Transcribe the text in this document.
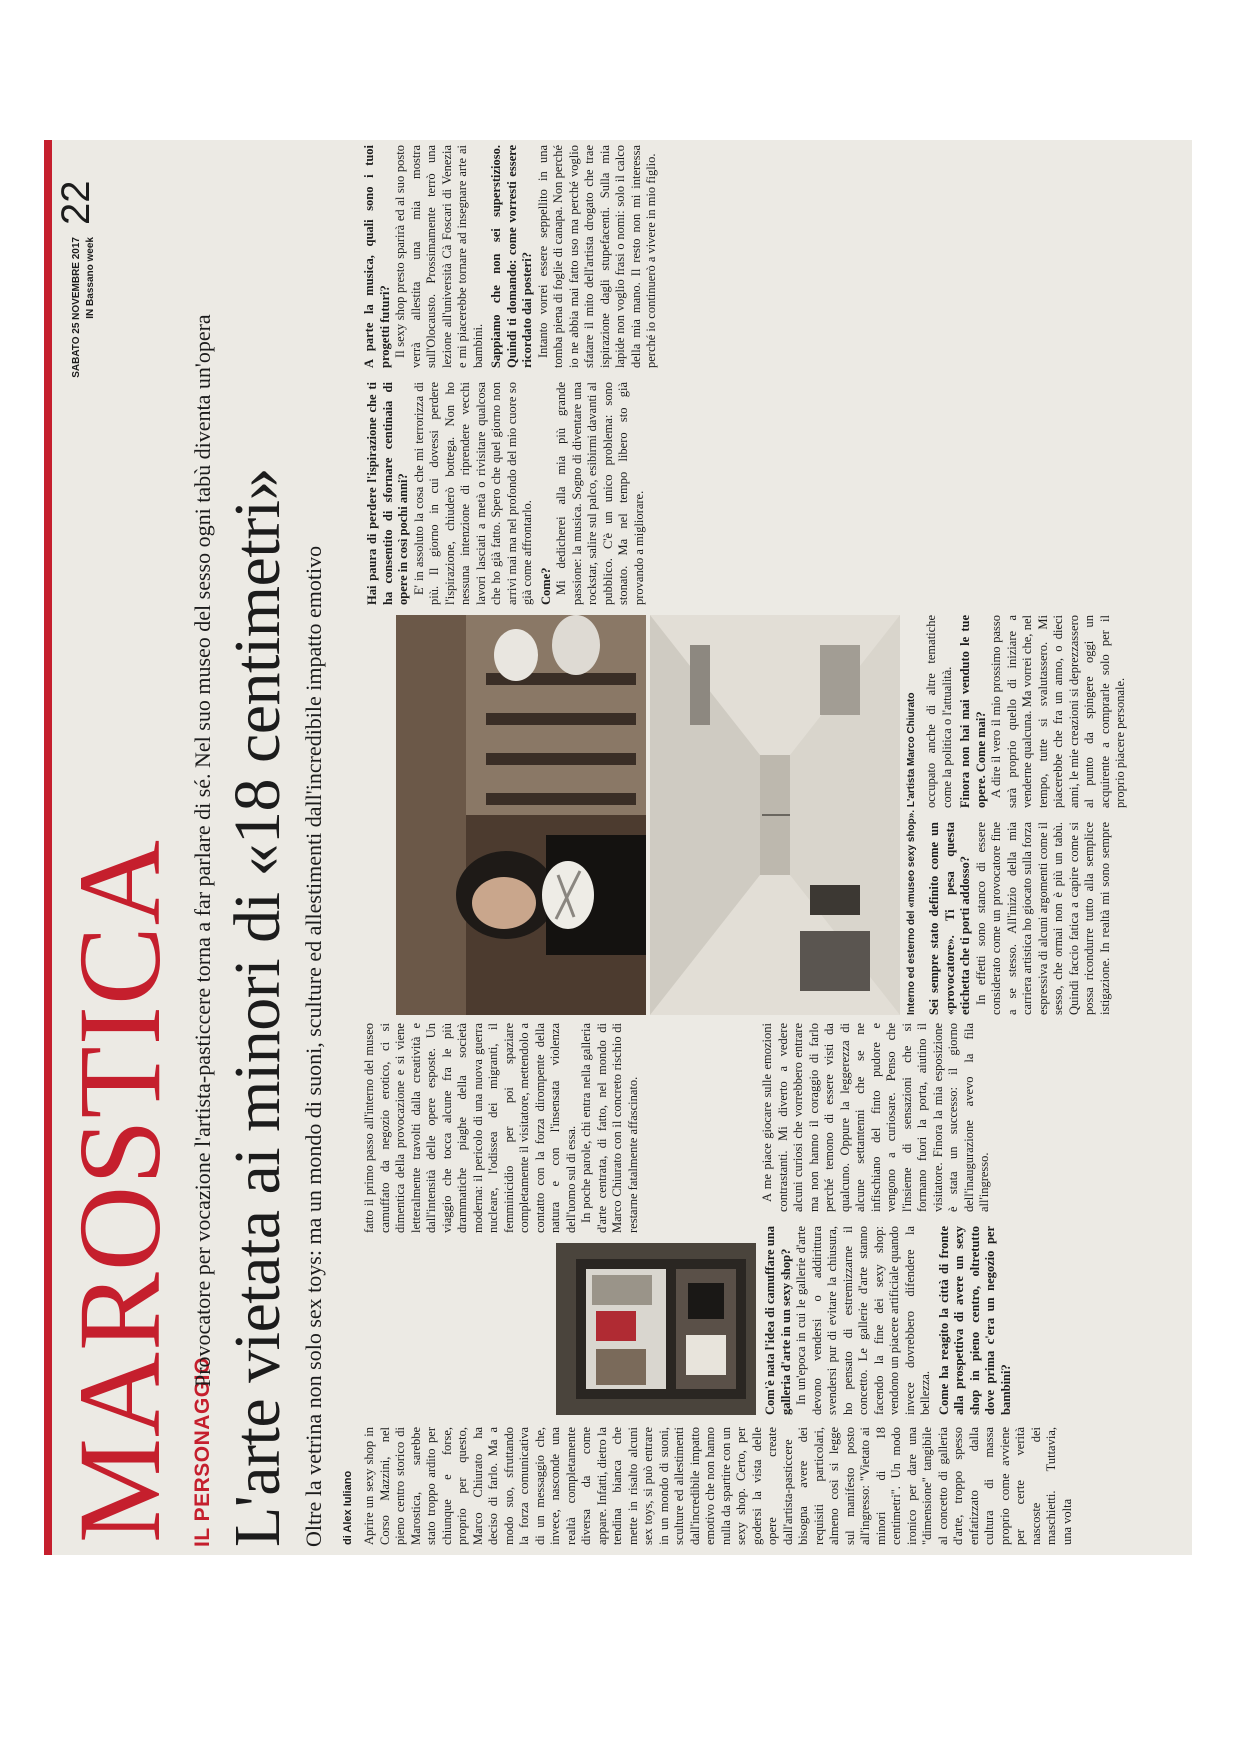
MAROSTICA
SABATO 25 NOVEMBRE 2017 IN Bassano week
22
IL PERSONAGGIO
Provocatore per vocazione l'artista-pasticcere torna a far parlare di sé. Nel suo museo del sesso ogni tabù diventa un'opera L'arte vietata ai minori di «18 centimetri» Oltre la vetrina non solo sex toys: ma un mondo di suoni, sculture ed allestimenti dall'incredibile impatto emotivo di Alex Iuliano
Interno ed esterno del «museo sexy shop». L'artista Marco Chiurato

Aprire un sexy shop in Corso Mazzini, nel pieno centro storico di Marostica, sarebbe stato troppo ardito per chiunque e forse, proprio per questo, Marco Chiurato ha deciso di farlo. Ma a modo suo, sfruttando la forza comunicativa di un messaggio che, invece, nasconde una realtà completamente diversa da come appare. Infatti, dietro la tendina bianca che mette in risalto alcuni sex toys, si può entrare in un mondo di suoni, sculture ed allestimenti dall'incredibile impatto emotivo che non hanno nulla da spartire con un sexy shop. Certo, per godersi la vista delle opere create dall'artista-pasticcere bisogna avere dei requisiti particolari, almeno così si legge sul manifesto posto all'ingresso: "Vietato ai minori di 18 centimetri". Un modo ironico per dare una "dimensione" tangibile al concetto di galleria d'arte, troppo spesso enfatizzato dalla cultura di massa proprio come avviene per certe verità nascoste dei maschietti. Tuttavia, una volta

fatto il primo passo all'interno del museo camuffato da negozio erotico, ci si dimentica della provocazione e si viene letteralmente travolti dalla creatività e dall'intensità delle opere esposte. Un viaggio che tocca alcune fra le più drammatiche piaghe della società moderna: il pericolo di una nuova guerra nucleare, l'odissea dei migranti, il femminicidio per poi spaziare completamente il visitatore, mettendolo a contatto con la forza dirompente della natura e con l'insensata violenza dell'uomo sul di essa. In poche parole, chi entra nella galleria d'arte centrata, di fatto, nel mondo di Marco Chiurato con il concreto rischio di restarne fatalmente affascinato.

Com'è nata l'idea di camuffare una galleria d'arte in un sexy shop? In un'epoca in cui le gallerie d'arte devono vendersi o addirittura svendersi pur di evitare la chiusura, ho pensato di estremizzarne il concetto. Le gallerie d'arte stanno facendo la fine dei sexy shop: vendono un piacere artificiale quando invece dovrebbero difendere la bellezza. Come ha reagito la città di fronte alla prospettiva di avere un sexy shop in pieno centro, oltretutto dove prima c'era un negozio per bambini?

A me piace giocare sulle emozioni contrastanti. Mi diverto a vedere alcuni curiosi che vorrebbero entrare ma non hanno il coraggio di farlo perché temono di essere visti da qualcuno. Oppure la leggerezza di alcune settantenni che se ne infischiano del finto pudore e vengono a curiosare. Penso che l'insieme di sensazioni che si formano fuori la porta, aiutino il visitatore. Finora la mia esposizione è stata un successo: il giorno dell'inaugurazione avevo la fila all'ingresso.

Sei sempre stato definito come un «provocatore». Ti pesa questa etichetta che ti porti addosso? In effetti sono stanco di essere considerato come un provocatore fine a se stesso. All'inizio della mia carriera artistica ho giocato sulla forza espressiva di alcuni argomenti come il sesso, che ormai non è più un tabù. Quindi faccio fatica a capire come si possa ricondurre tutto alla semplice istigazione. In realtà mi sono sempre occupato anche di altre tematiche come la politica o l'attualità. Finora non hai mai venduto le tue opere. Come mai? A dire il vero il mio prossimo passo sarà proprio quello di iniziare a venderne qualcuna. Ma vorrei che, nel tempo, tutte si svalutassero. Mi piacerebbe che fra un anno, o dieci anni, le mie creazioni si deprezzassero al punto da spingere oggi un acquirente a comprarle solo per il proprio piacere personale.

Hai paura di perdere l'ispirazione che ti ha consentito di sfornare centinaia di opere in così pochi anni? E' in assoluto la cosa che mi terrorizza di più. Il giorno in cui dovessi perdere l'ispirazione, chiuderò bottega. Non ho nessuna intenzione di riprendere vecchi lavori lasciati a metà o rivisitare qualcosa che ho già fatto. Spero che quel giorno non arrivi mai ma nel profondo del mio cuore so già come affrontarlo. Come? Mi dedicherei alla mia più grande passione: la musica. Sogno di diventare una rockstar, salire sul palco, esibirmi davanti al pubblico. C'è un unico problema: sono stonato. Ma nel tempo libero sto già provando a migliorare.

A parte la musica, quali sono i tuoi progetti futuri? Il sexy shop presto sparirà ed al suo posto verrà allestita una mia mostra sull'Olocausto. Prossimamente terrò una lezione all'università Cà Foscari di Venezia e mi piacerebbe tornare ad insegnare arte ai bambini. Sappiamo che non sei superstizioso. Quindi ti domando: come vorresti essere ricordato dai posteri? Intanto vorrei essere seppellito in una tomba piena di foglie di canapa. Non perché io ne abbia mai fatto uso ma perché voglio sfatare il mito dell'artista drogato che trae ispirazione dagli stupefacenti. Sulla mia lapide non voglio frasi o nomi: solo il calco della mia mano. Il resto non mi interessa perché io continuerò a vivere in mio figlio.
